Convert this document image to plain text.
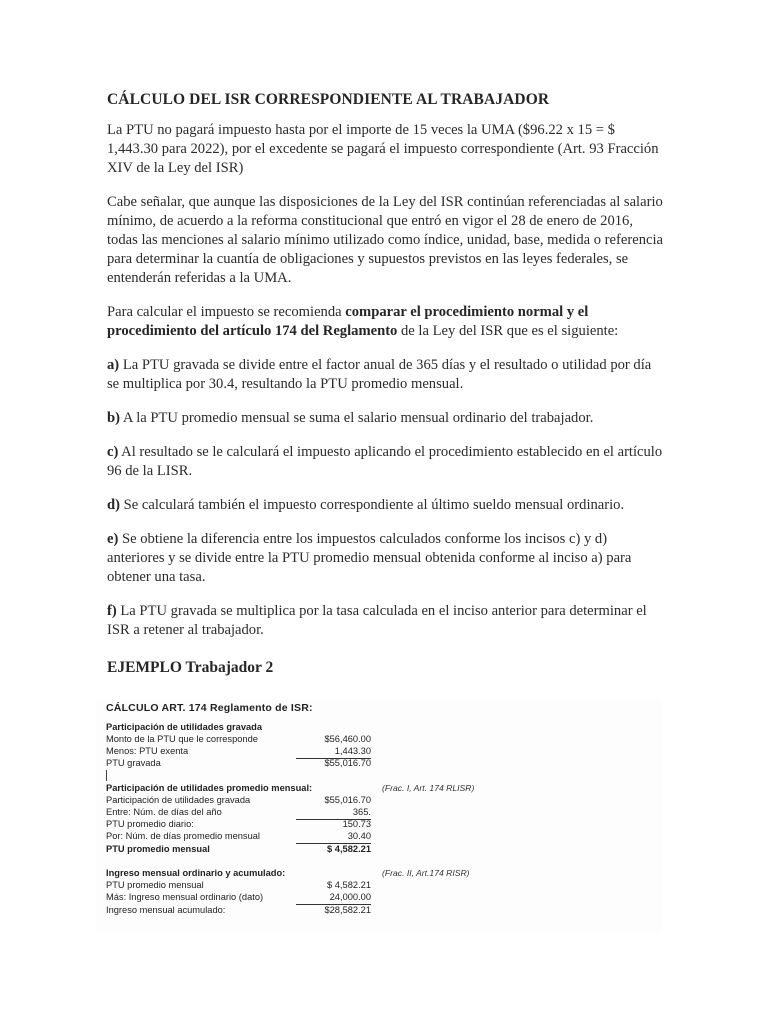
CÁLCULO DEL ISR CORRESPONDIENTE AL TRABAJADOR

La PTU no pagará impuesto hasta por el importe de 15 veces la UMA ($96.22 x 15 = $ 1,443.30 para 2022), por el excedente se pagará el impuesto correspondiente (Art. 93 Fracción XIV de la Ley del ISR)

Cabe señalar, que aunque las disposiciones de la Ley del ISR continúan referenciadas al salario mínimo, de acuerdo a la reforma constitucional que entró en vigor el 28 de enero de 2016, todas las menciones al salario mínimo utilizado como índice, unidad, base, medida o referencia para determinar la cuantía de obligaciones y supuestos previstos en las leyes federales, se entenderán referidas a la UMA.

Para calcular el impuesto se recomienda comparar el procedimiento normal y el procedimiento del artículo 174 del Reglamento de la Ley del ISR que es el siguiente:

a) La PTU gravada se divide entre el factor anual de 365 días y el resultado o utilidad por día se multiplica por 30.4, resultando la PTU promedio mensual.

b) A la PTU promedio mensual se suma el salario mensual ordinario del trabajador.

c) Al resultado se le calculará el impuesto aplicando el procedimiento establecido en el artículo 96 de la LISR.

d) Se calculará también el impuesto correspondiente al último sueldo mensual ordinario.

e) Se obtiene la diferencia entre los impuestos calculados conforme los incisos c) y d) anteriores y se divide entre la PTU promedio mensual obtenida conforme al inciso a) para obtener una tasa.

f) La PTU gravada se multiplica por la tasa calculada en el inciso anterior para determinar el ISR a retener al trabajador.

EJEMPLO Trabajador 2
CÁLCULO ART. 174 Reglamento de ISR:
Participación de utilidades gravada
Monto de la PTU que le corresponde	$56,460.00
Menos: PTU exenta	1,443.30
PTU gravada	$55,016.70
Participación de utilidades promedio mensual:	(Frac. I, Art. 174 RLISR)
Participación de utilidades gravada	$55,016.70
Entre: Núm. de días del año	365.
PTU promedio diario:	150.73
Por: Núm. de días promedio mensual	30.40
PTU promedio mensual	$ 4,582.21
Ingreso mensual ordinario y acumulado:	(Frac. II, Art.174 RISR)
PTU promedio mensual	$ 4,582.21
Más: Ingreso mensual ordinario (dato)	24,000.00
Ingreso mensual acumulado:	$28,582.21
